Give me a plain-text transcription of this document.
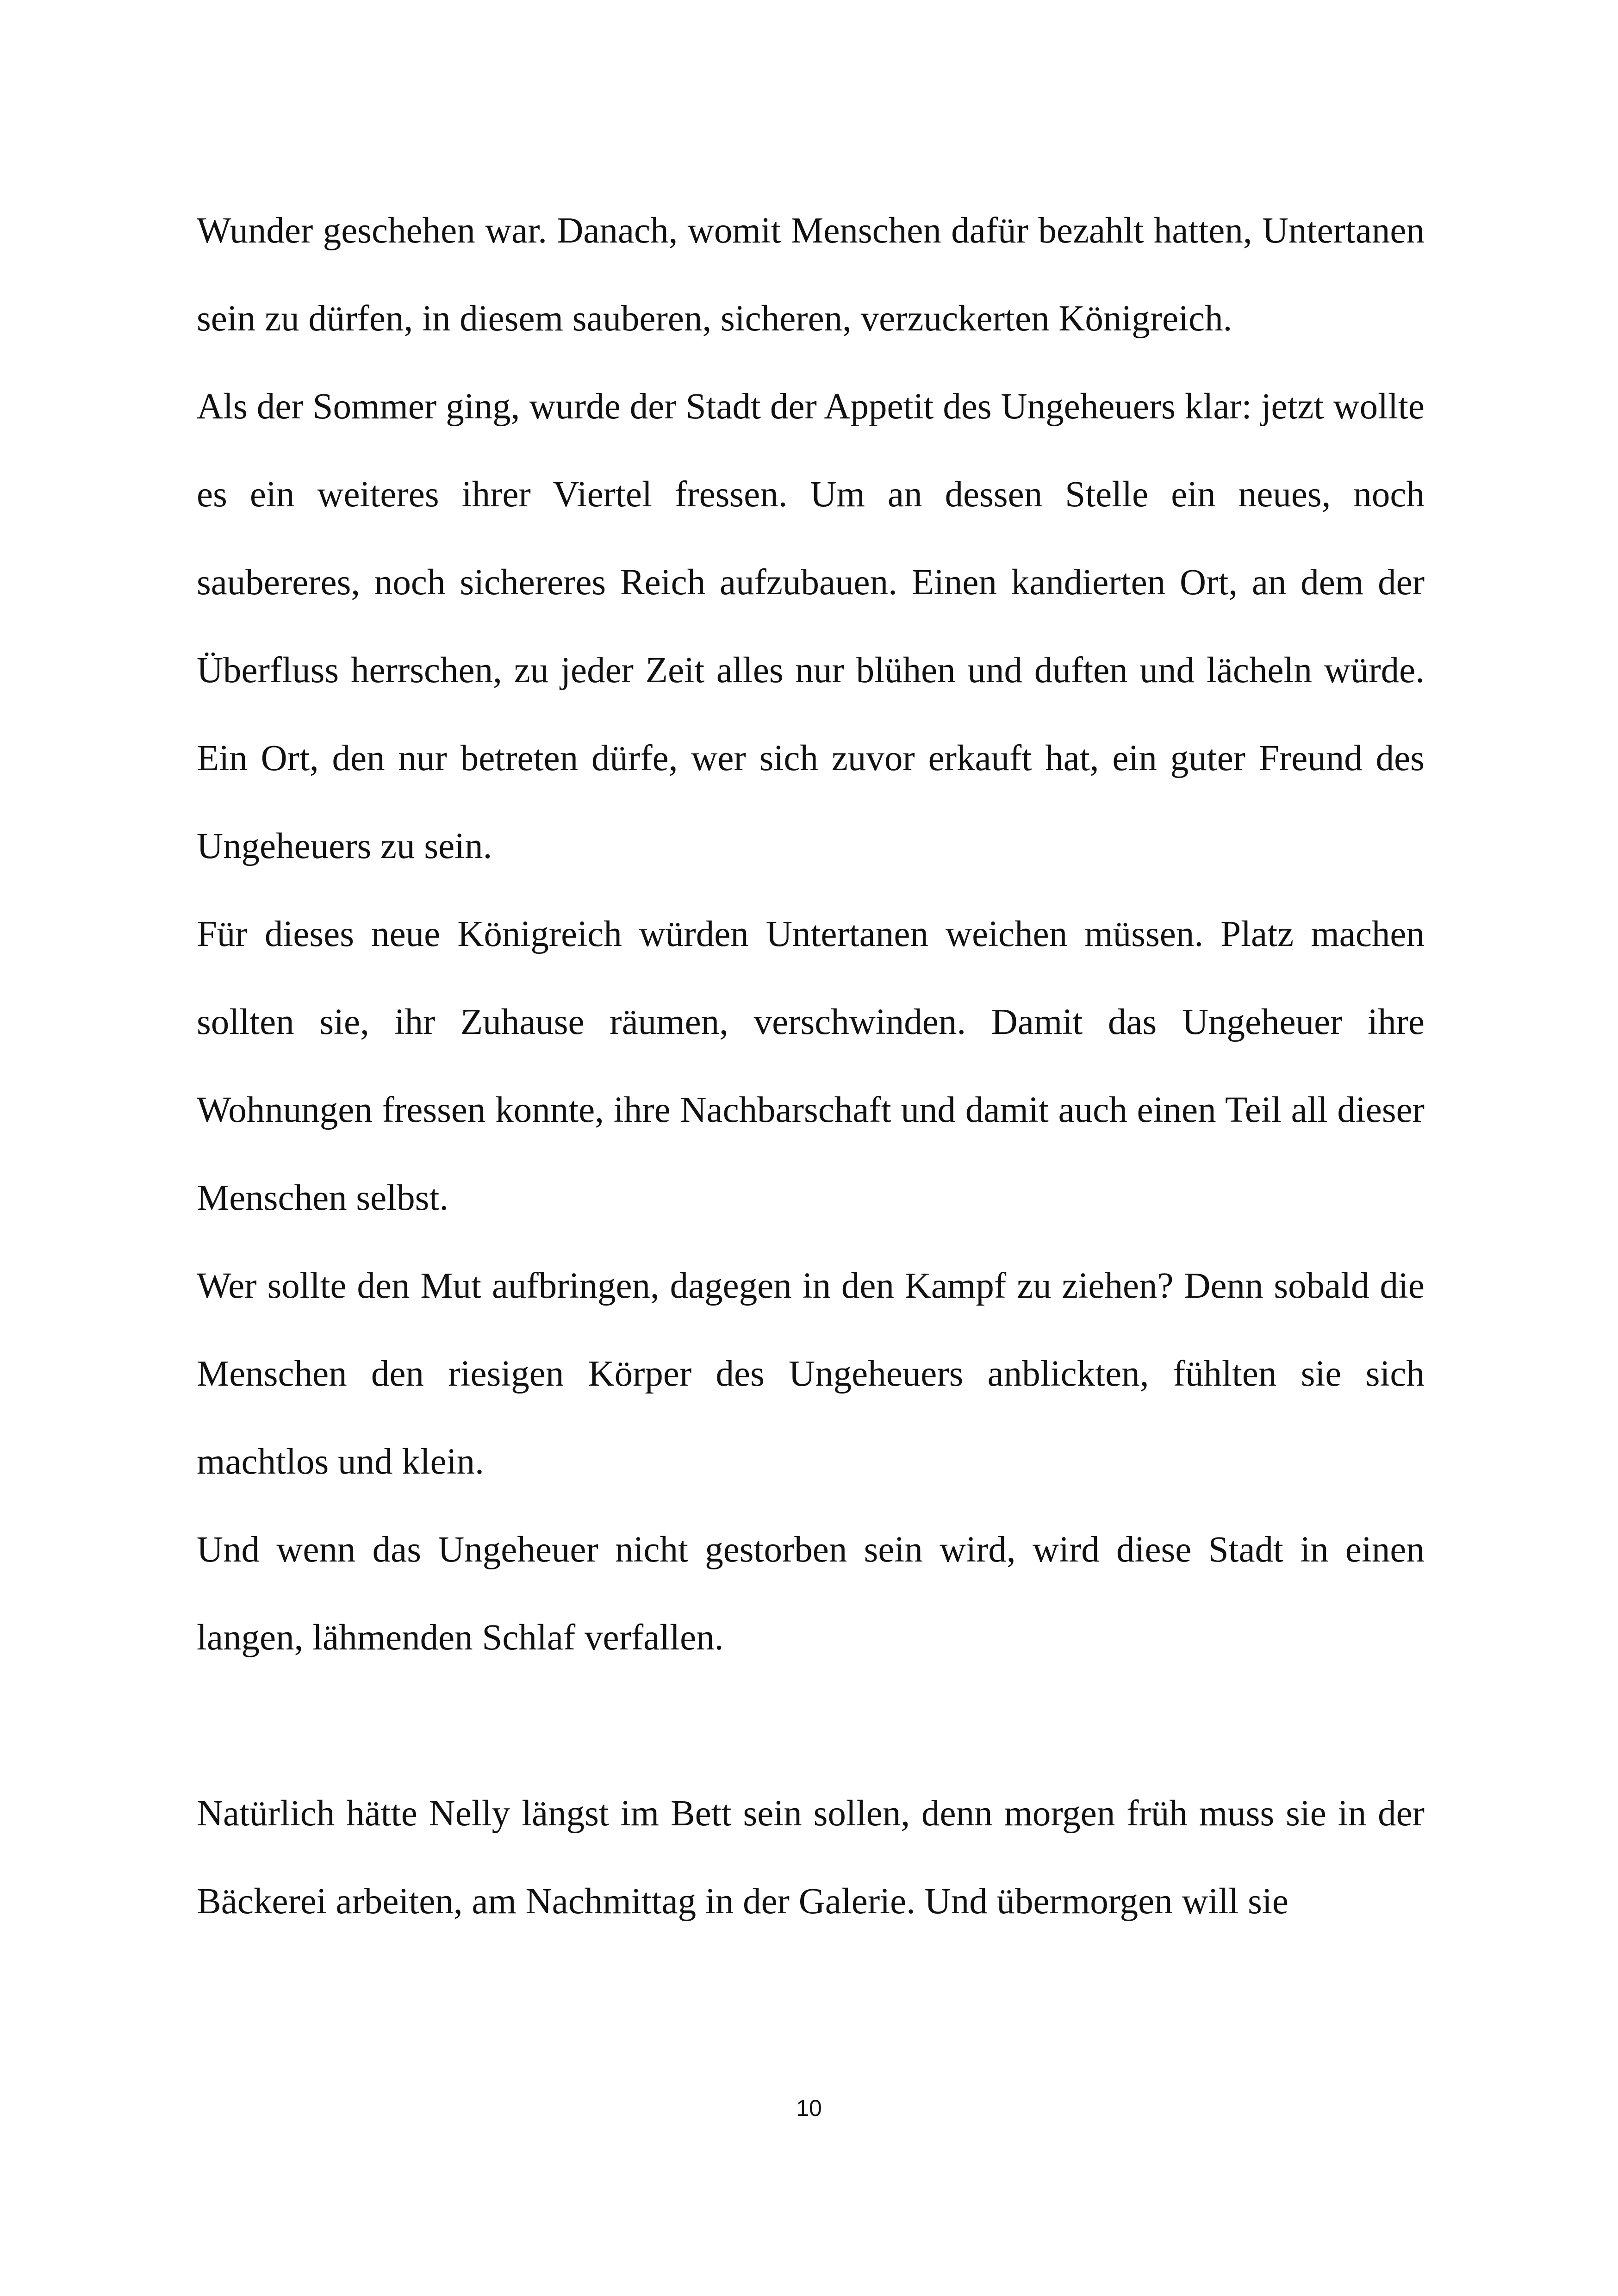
Wunder geschehen war. Danach, womit Menschen dafür bezahlt hatten, Untertanen sein zu dürfen, in diesem sauberen, sicheren, verzuckerten Königreich.

Als der Sommer ging, wurde der Stadt der Appetit des Ungeheuers klar: jetzt wollte es ein weiteres ihrer Viertel fressen. Um an dessen Stelle ein neues, noch saubereres, noch sichereres Reich aufzubauen. Einen kandierten Ort, an dem der Überfluss herrschen, zu jeder Zeit alles nur blühen und duften und lächeln würde. Ein Ort, den nur betreten dürfe, wer sich zuvor erkauft hat, ein guter Freund des Ungeheuers zu sein.

Für dieses neue Königreich würden Untertanen weichen müssen. Platz machen sollten sie, ihr Zuhause räumen, verschwinden. Damit das Ungeheuer ihre Wohnungen fressen konnte, ihre Nachbarschaft und damit auch einen Teil all dieser Menschen selbst.

Wer sollte den Mut aufbringen, dagegen in den Kampf zu ziehen? Denn sobald die Menschen den riesigen Körper des Ungeheuers anblickten, fühlten sie sich machtlos und klein.

Und wenn das Ungeheuer nicht gestorben sein wird, wird diese Stadt in einen langen, lähmenden Schlaf verfallen.

Natürlich hätte Nelly längst im Bett sein sollen, denn morgen früh muss sie in der Bäckerei arbeiten, am Nachmittag in der Galerie. Und übermorgen will sie

10
